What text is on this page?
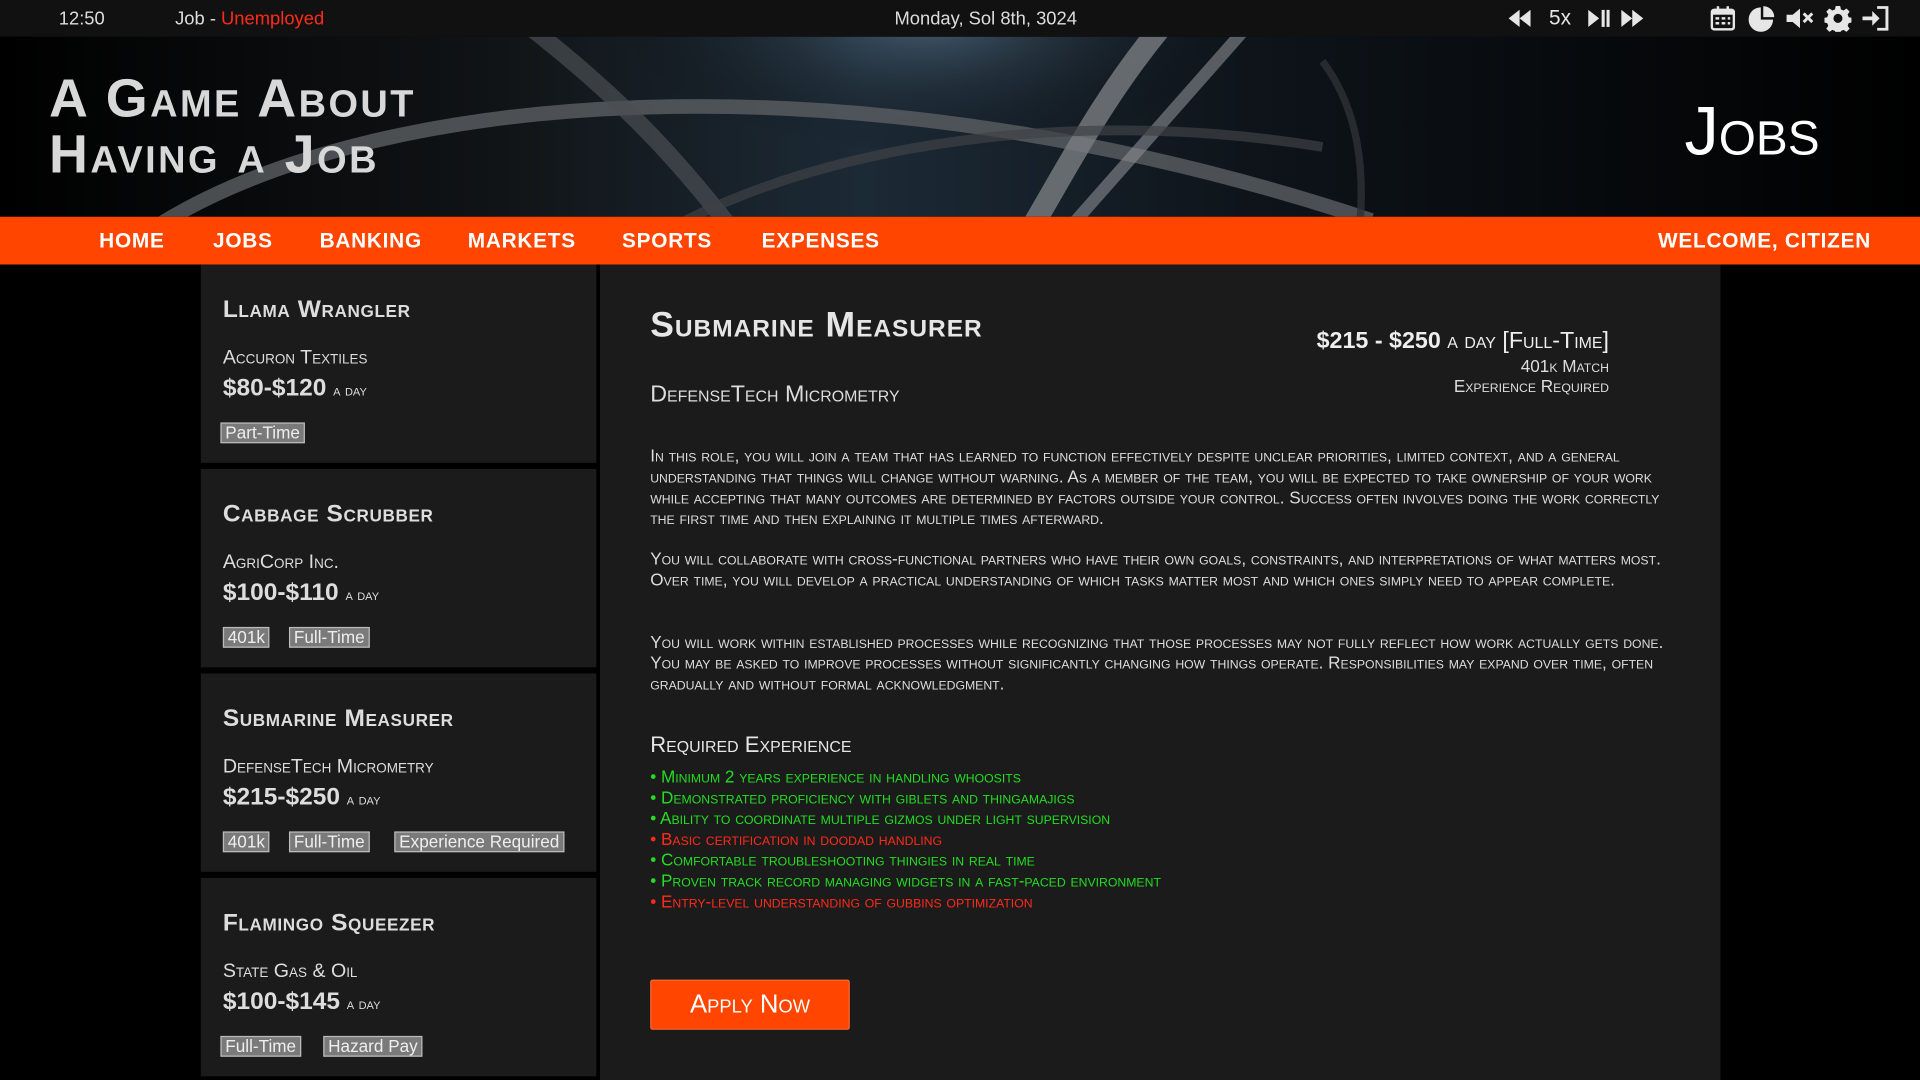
12:50	Job - Unemployed	Monday, Sol 8th, 3024	5x
A Game About
Having a Job	Jobs
HOME	JOBS	BANKING	MARKETS	SPORTS	EXPENSES	WELCOME, CITIZEN
Llama Wrangler
Accuron Textiles
$80-$120 a day
Part-Time
Cabbage Scrubber
AgriCorp Inc.
$100-$110 a day
401k	Full-Time
Submarine Measurer
DefenseTech Micrometry
$215-$250 a day
401k	Full-Time	Experience Required
Flamingo Squeezer
State Gas & Oil
$100-$145 a day
Full-Time	Hazard Pay
Submarine Measurer
DefenseTech Micrometry
$215 - $250 a day [Full-Time]
401k Match
Experience Required

In this role, you will join a team that has learned to function effectively despite unclear priorities, limited context, and a general understanding that things will change without warning. As a member of the team, you will be expected to take ownership of your work while accepting that many outcomes are determined by factors outside your control. Success often involves doing the work correctly the first time and then explaining it multiple times afterward.

You will collaborate with cross-functional partners who have their own goals, constraints, and interpretations of what matters most. Over time, you will develop a practical understanding of which tasks matter most and which ones simply need to appear complete.

You will work within established processes while recognizing that those processes may not fully reflect how work actually gets done. You may be asked to improve processes without significantly changing how things operate. Responsibilities may expand over time, often gradually and without formal acknowledgment.

Required Experience
• Minimum 2 years experience in handling whoosits
• Demonstrated proficiency with giblets and thingamajigs
• Ability to coordinate multiple gizmos under light supervision
• Basic certification in doodad handling
• Comfortable troubleshooting thingies in real time
• Proven track record managing widgets in a fast-paced environment
• Entry-level understanding of gubbins optimization
Apply Now
